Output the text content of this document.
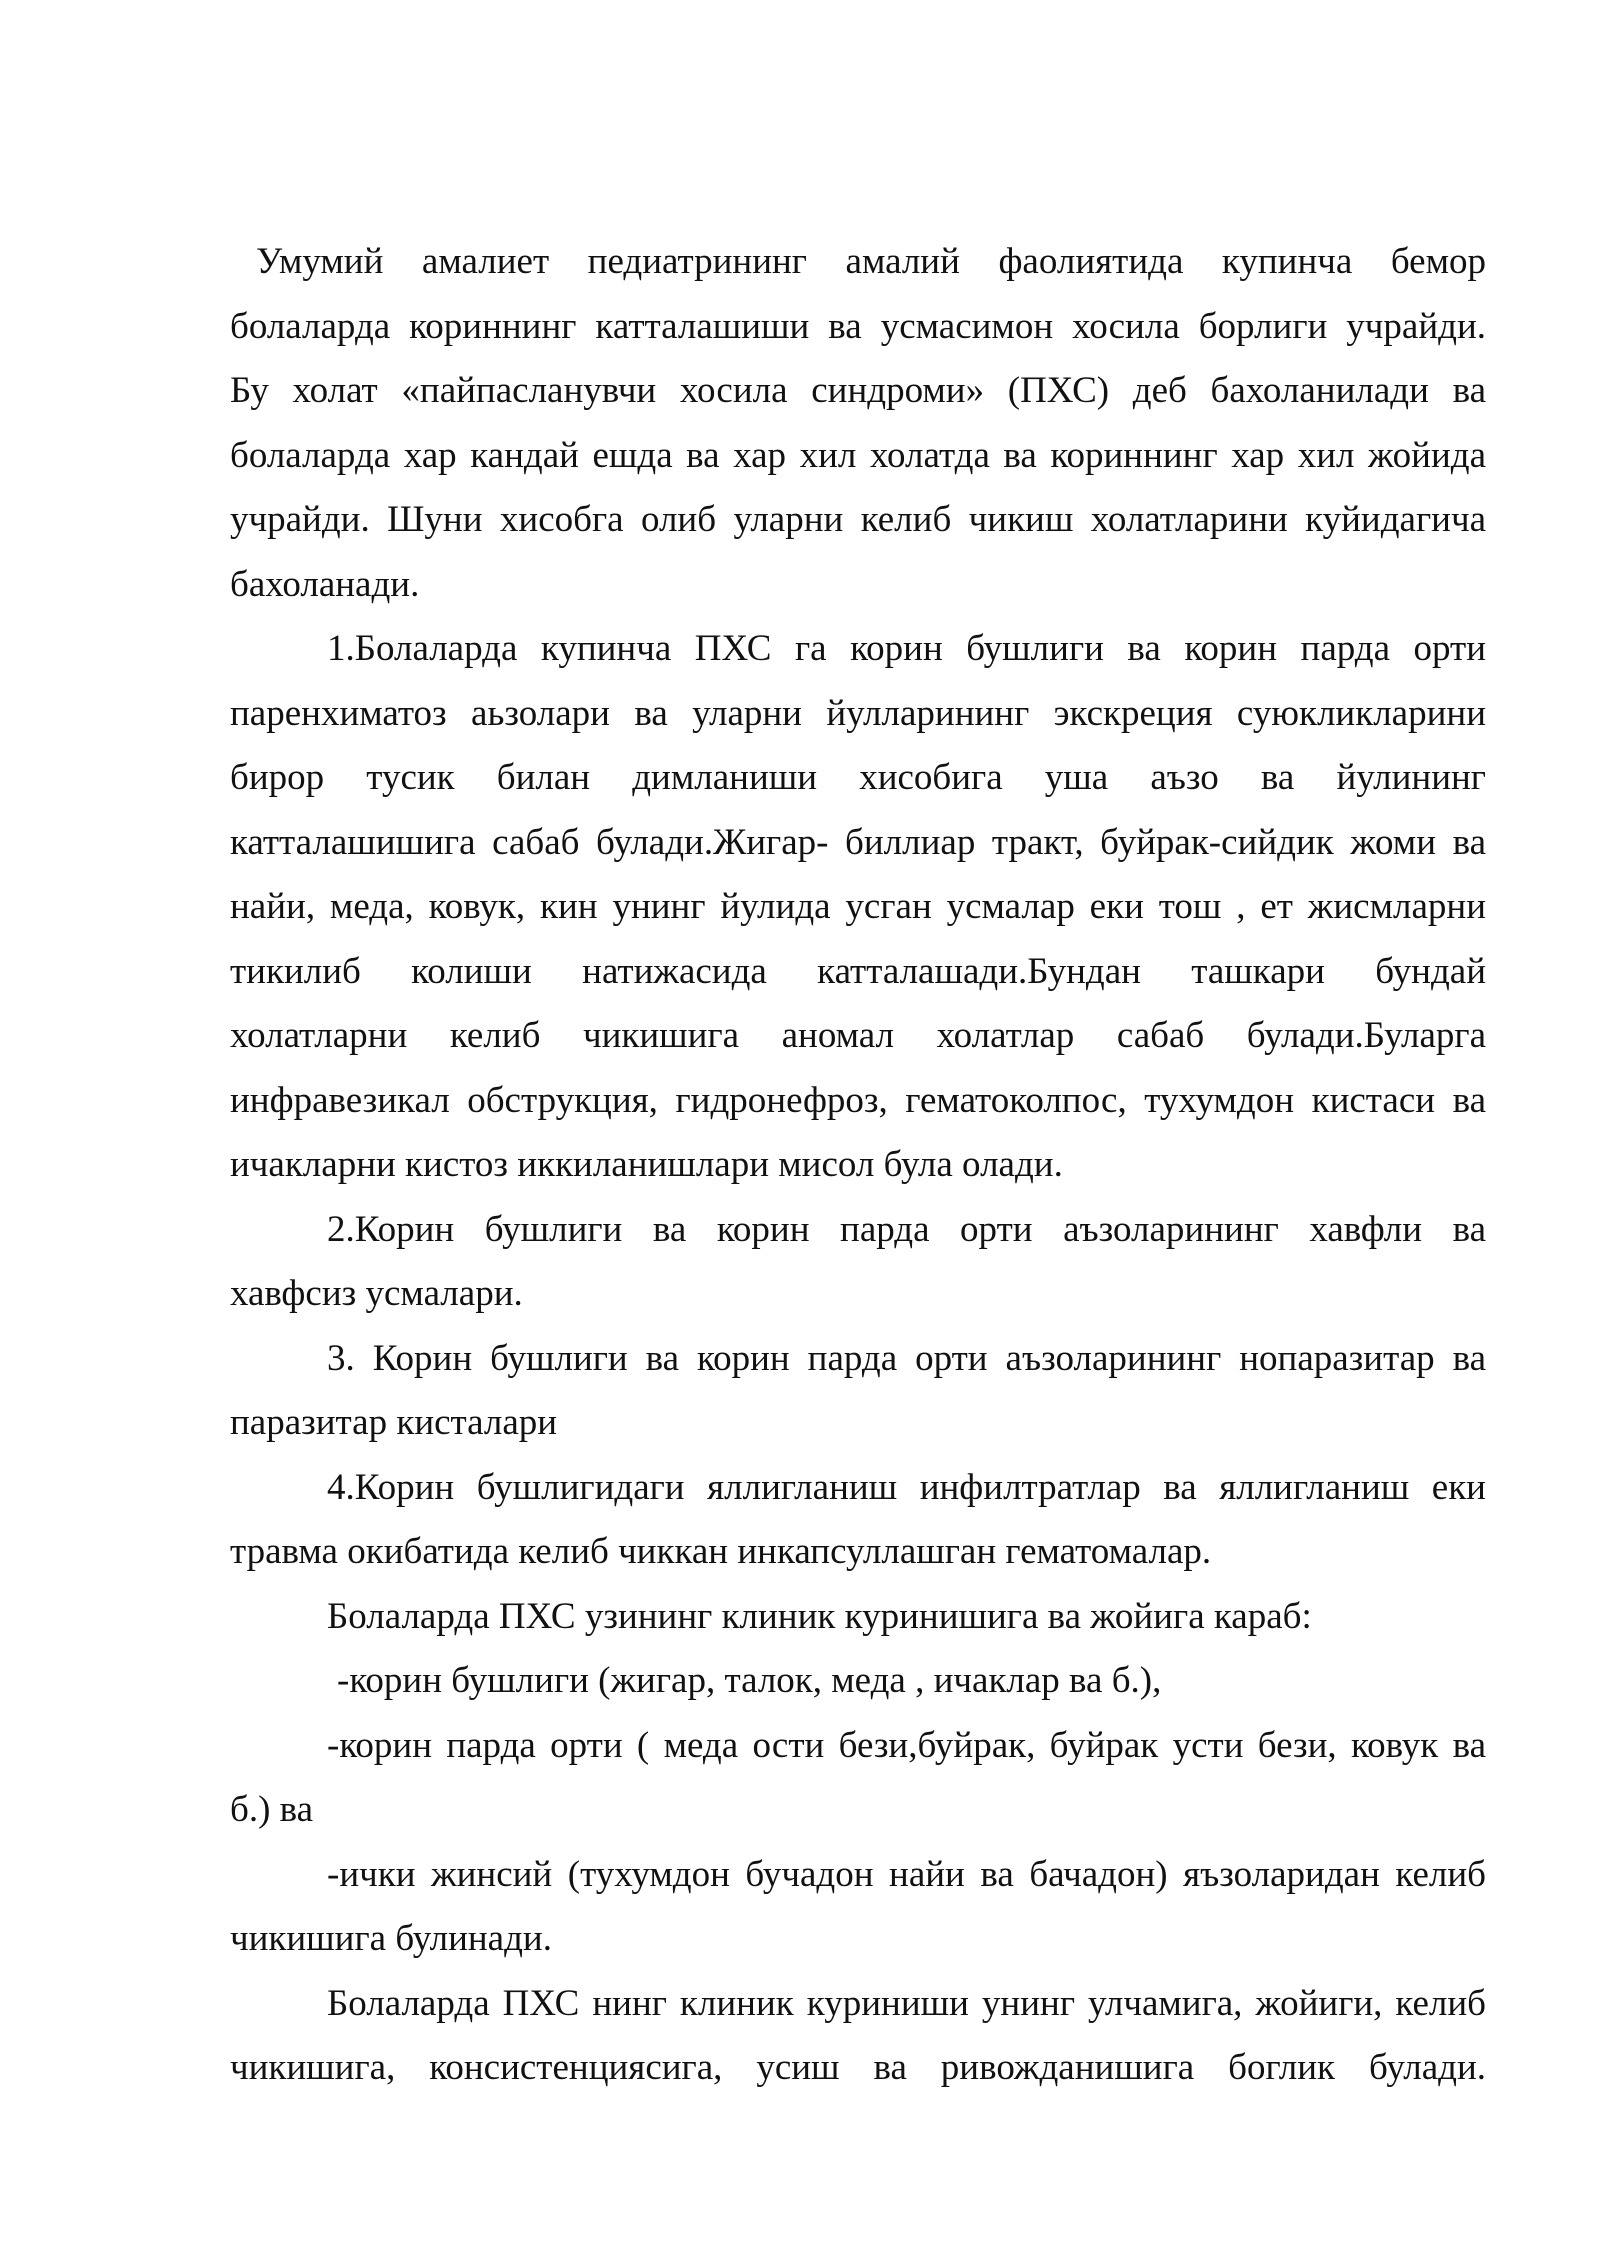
Умумий амалиет педиатрининг амалий фаолиятида купинча бемор
болаларда кориннинг катталашиши ва усмасимон хосила борлиги учрайди.
Бу холат «пайпасланувчи хосила синдроми» (ПХС) деб бахоланилади ва
болаларда хар кандай ешда ва хар хил холатда ва кориннинг хар хил жойида
учрайди. Шуни хисобга олиб уларни келиб чикиш холатларини куйидагича
бахоланади.
1.Болаларда купинча ПХС га корин бушлиги ва корин парда орти
паренхиматоз аьзолари ва уларни йулларининг экскреция суюкликларини
бирор тусик билан димланиши хисобига уша аъзо ва йулининг
катталашишига сабаб булади.Жигар- биллиар тракт, буйрак-сийдик жоми ва
найи, меда, ковук, кин унинг йулида усган усмалар еки тош , ет жисмларни
тикилиб колиши натижасида катталашади.Бундан ташкари бундай
холатларни келиб чикишига аномал холатлар сабаб булади.Буларга
инфравезикал обструкция, гидронефроз, гематоколпос, тухумдон кистаси ва
ичакларни кистоз иккиланишлари мисол була олади.
2.Корин бушлиги ва корин парда орти аъзоларининг хавфли ва
хавфсиз усмалари.
3. Корин бушлиги ва корин парда орти аъзоларининг нопаразитар ва
паразитар кисталари
4.Корин бушлигидаги яллигланиш инфилтратлар ва яллигланиш еки
травма окибатида келиб чиккан инкапсуллашган гематомалар.
Болаларда ПХС узининг клиник куринишига ва жойига караб:
-корин бушлиги (жигар, талок, меда , ичаклар ва б.),
-корин парда орти ( меда ости бези,буйрак, буйрак усти бези, ковук ва
б.) ва
-ички жинсий (тухумдон бучадон найи ва бачадон) яъзоларидан келиб
чикишига булинади.
Болаларда ПХС нинг клиник куриниши унинг улчамига, жойиги, келиб
чикишига, консистенциясига, усиш ва ривожданишига боглик булади.
